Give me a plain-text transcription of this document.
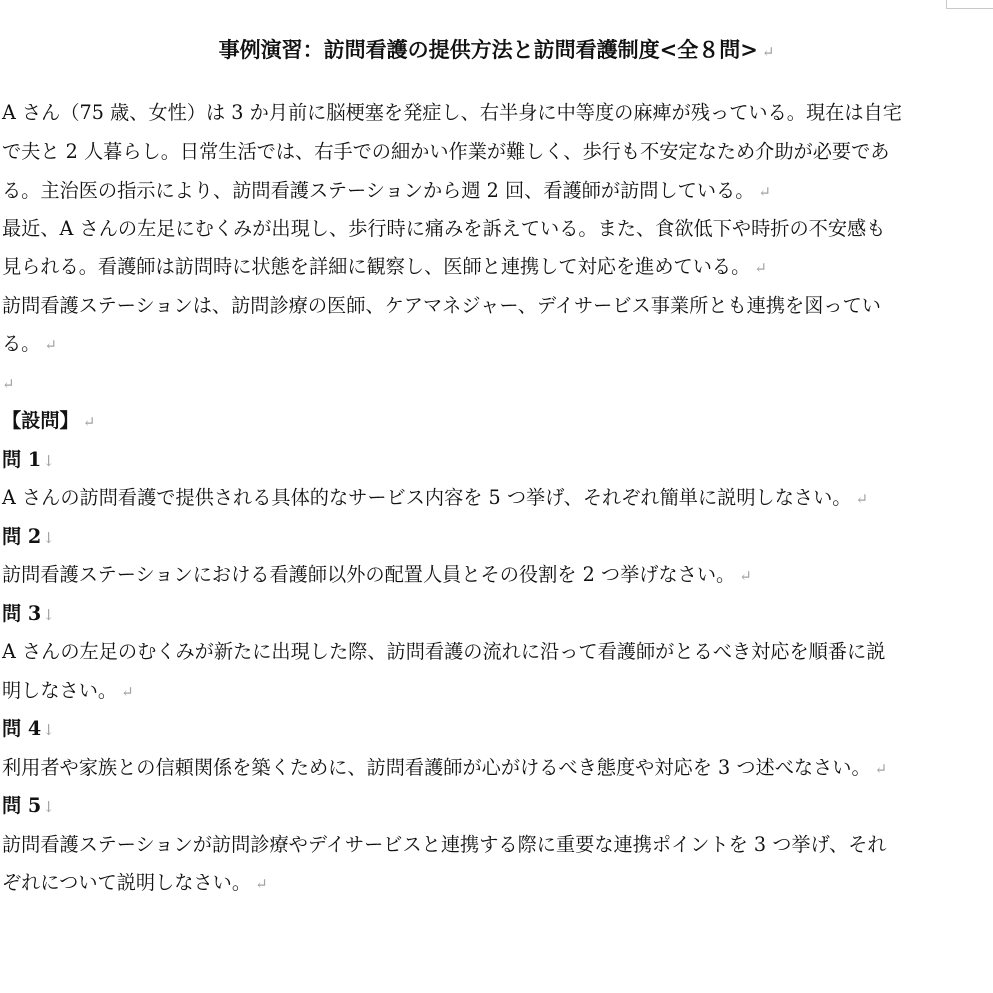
事例演習：訪問看護の提供方法と訪問看護制度<全８問> ↵
A さん（75 歳、女性）は 3 か月前に脳梗塞を発症し、右半身に中等度の麻痺が残っている。現在は自宅
で夫と 2 人暮らし。日常生活では、右手での細かい作業が難しく、歩行も不安定なため介助が必要であ
る。主治医の指示により、訪問看護ステーションから週 2 回、看護師が訪問している。 ↵
最近、A さんの左足にむくみが出現し、歩行時に痛みを訴えている。また、食欲低下や時折の不安感も
見られる。看護師は訪問時に状態を詳細に観察し、医師と連携して対応を進めている。 ↵
訪問看護ステーションは、訪問診療の医師、ケアマネジャー、デイサービス事業所とも連携を図ってい
る。 ↵
↵
【設問】 ↵
問 1↓
A さんの訪問看護で提供される具体的なサービス内容を 5 つ挙げ、それぞれ簡単に説明しなさい。 ↵
問 2↓
訪問看護ステーションにおける看護師以外の配置人員とその役割を 2 つ挙げなさい。 ↵
問 3↓
A さんの左足のむくみが新たに出現した際、訪問看護の流れに沿って看護師がとるべき対応を順番に説
明しなさい。 ↵
問 4↓
利用者や家族との信頼関係を築くために、訪問看護師が心がけるべき態度や対応を 3 つ述べなさい。 ↵
問 5↓
訪問看護ステーションが訪問診療やデイサービスと連携する際に重要な連携ポイントを 3 つ挙げ、それ
ぞれについて説明しなさい。 ↵
